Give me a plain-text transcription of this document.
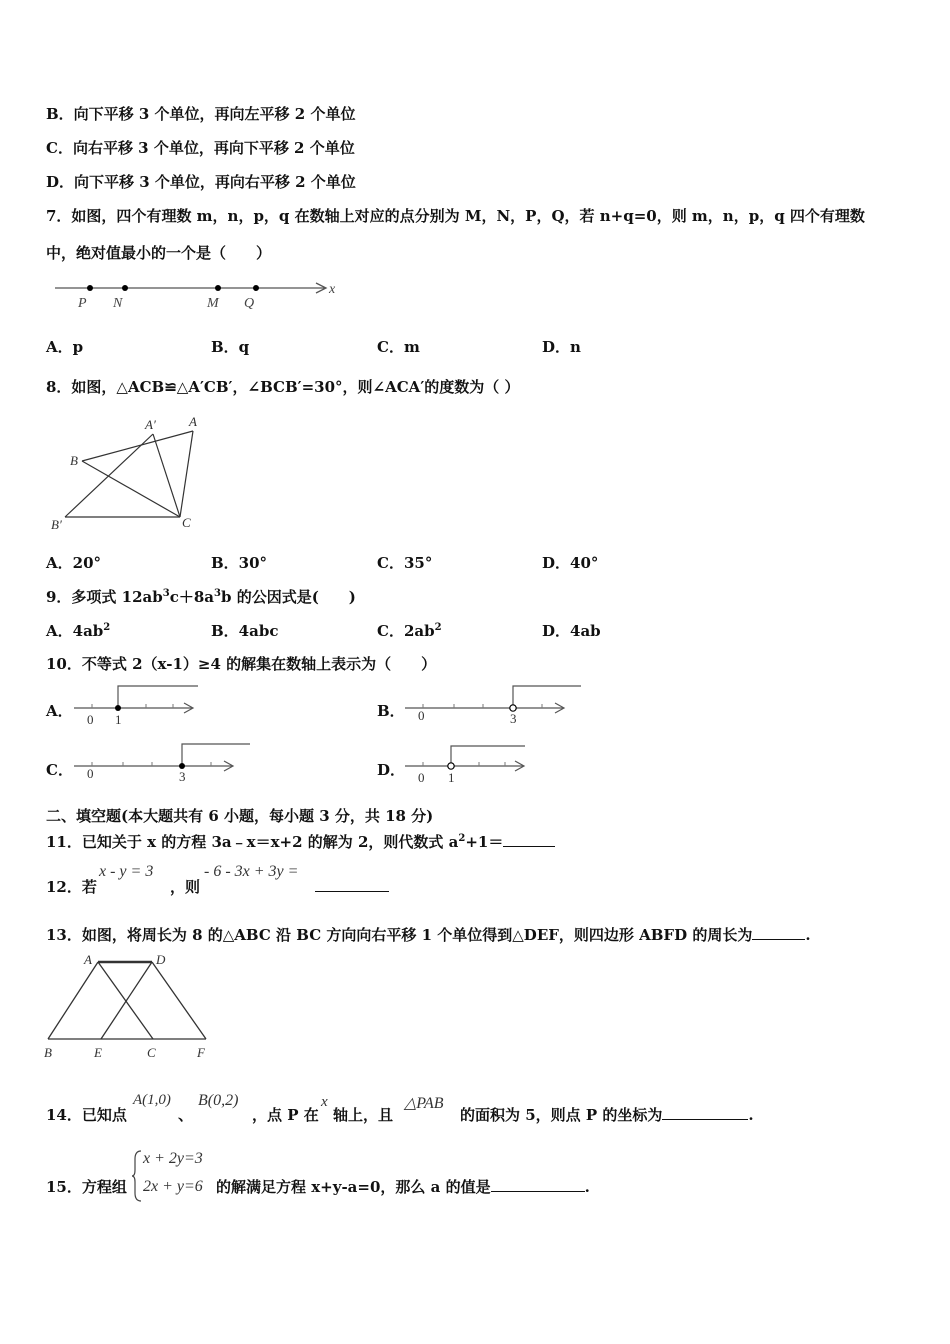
B．向下平移 3 个单位，再向左平移 2 个单位
C．向右平移 3 个单位，再向下平移 2 个单位
D．向下平移 3 个单位，再向右平移 2 个单位
7．如图，四个有理数 m，n，p，q 在数轴上对应的点分别为 M，N，P，Q，若 n+q=0，则 m，n，p，q 四个有理数
中，绝对值最小的一个是（　　）
P N	M Q
x
A．p	B．q	C．m	D．n
8．如图，△ACB≌△A′CB′，∠BCB′=30°，则∠ACA′的度数为（ ）
A′	A
B
B′	C
A．20°	B．30°	C．35°	D．40°
9．多项式 $12ab^3c+8a^3b$ 的公因式是(　　)
A．$4ab^2$	B．4abc	C．$2ab^2$	D．4ab
10．不等式 2（x-1）≥4 的解集在数轴上表示为（　　）
A． 0 1	B． 0	3
C． 0	3	D． 0 1
二、填空题(本大题共有 6 小题，每小题 3 分，共 18 分)
11．已知关于 x 的方程 3a﹣x＝x+2 的解为 2，则代数式 $a^2+1=$
12．若
x - y = 3
，则
- 6 - 3x + 3y =
13．如图，将周长为 8 的△ABC 沿 BC 方向向右平移 1 个单位得到△DEF，则四边形 ABFD 的周长为	.
A	D
B	E	C	F
14．已知点
A(1,0)
、
B(0,2)
，点 P 在
x
轴上，且
△PAB
的面积为 5，则点 P 的坐标为	.
15．方程组
x + 2y=3
2x + y=6 的解满足方程 x+y-a=0，那么 a 的值是	.
